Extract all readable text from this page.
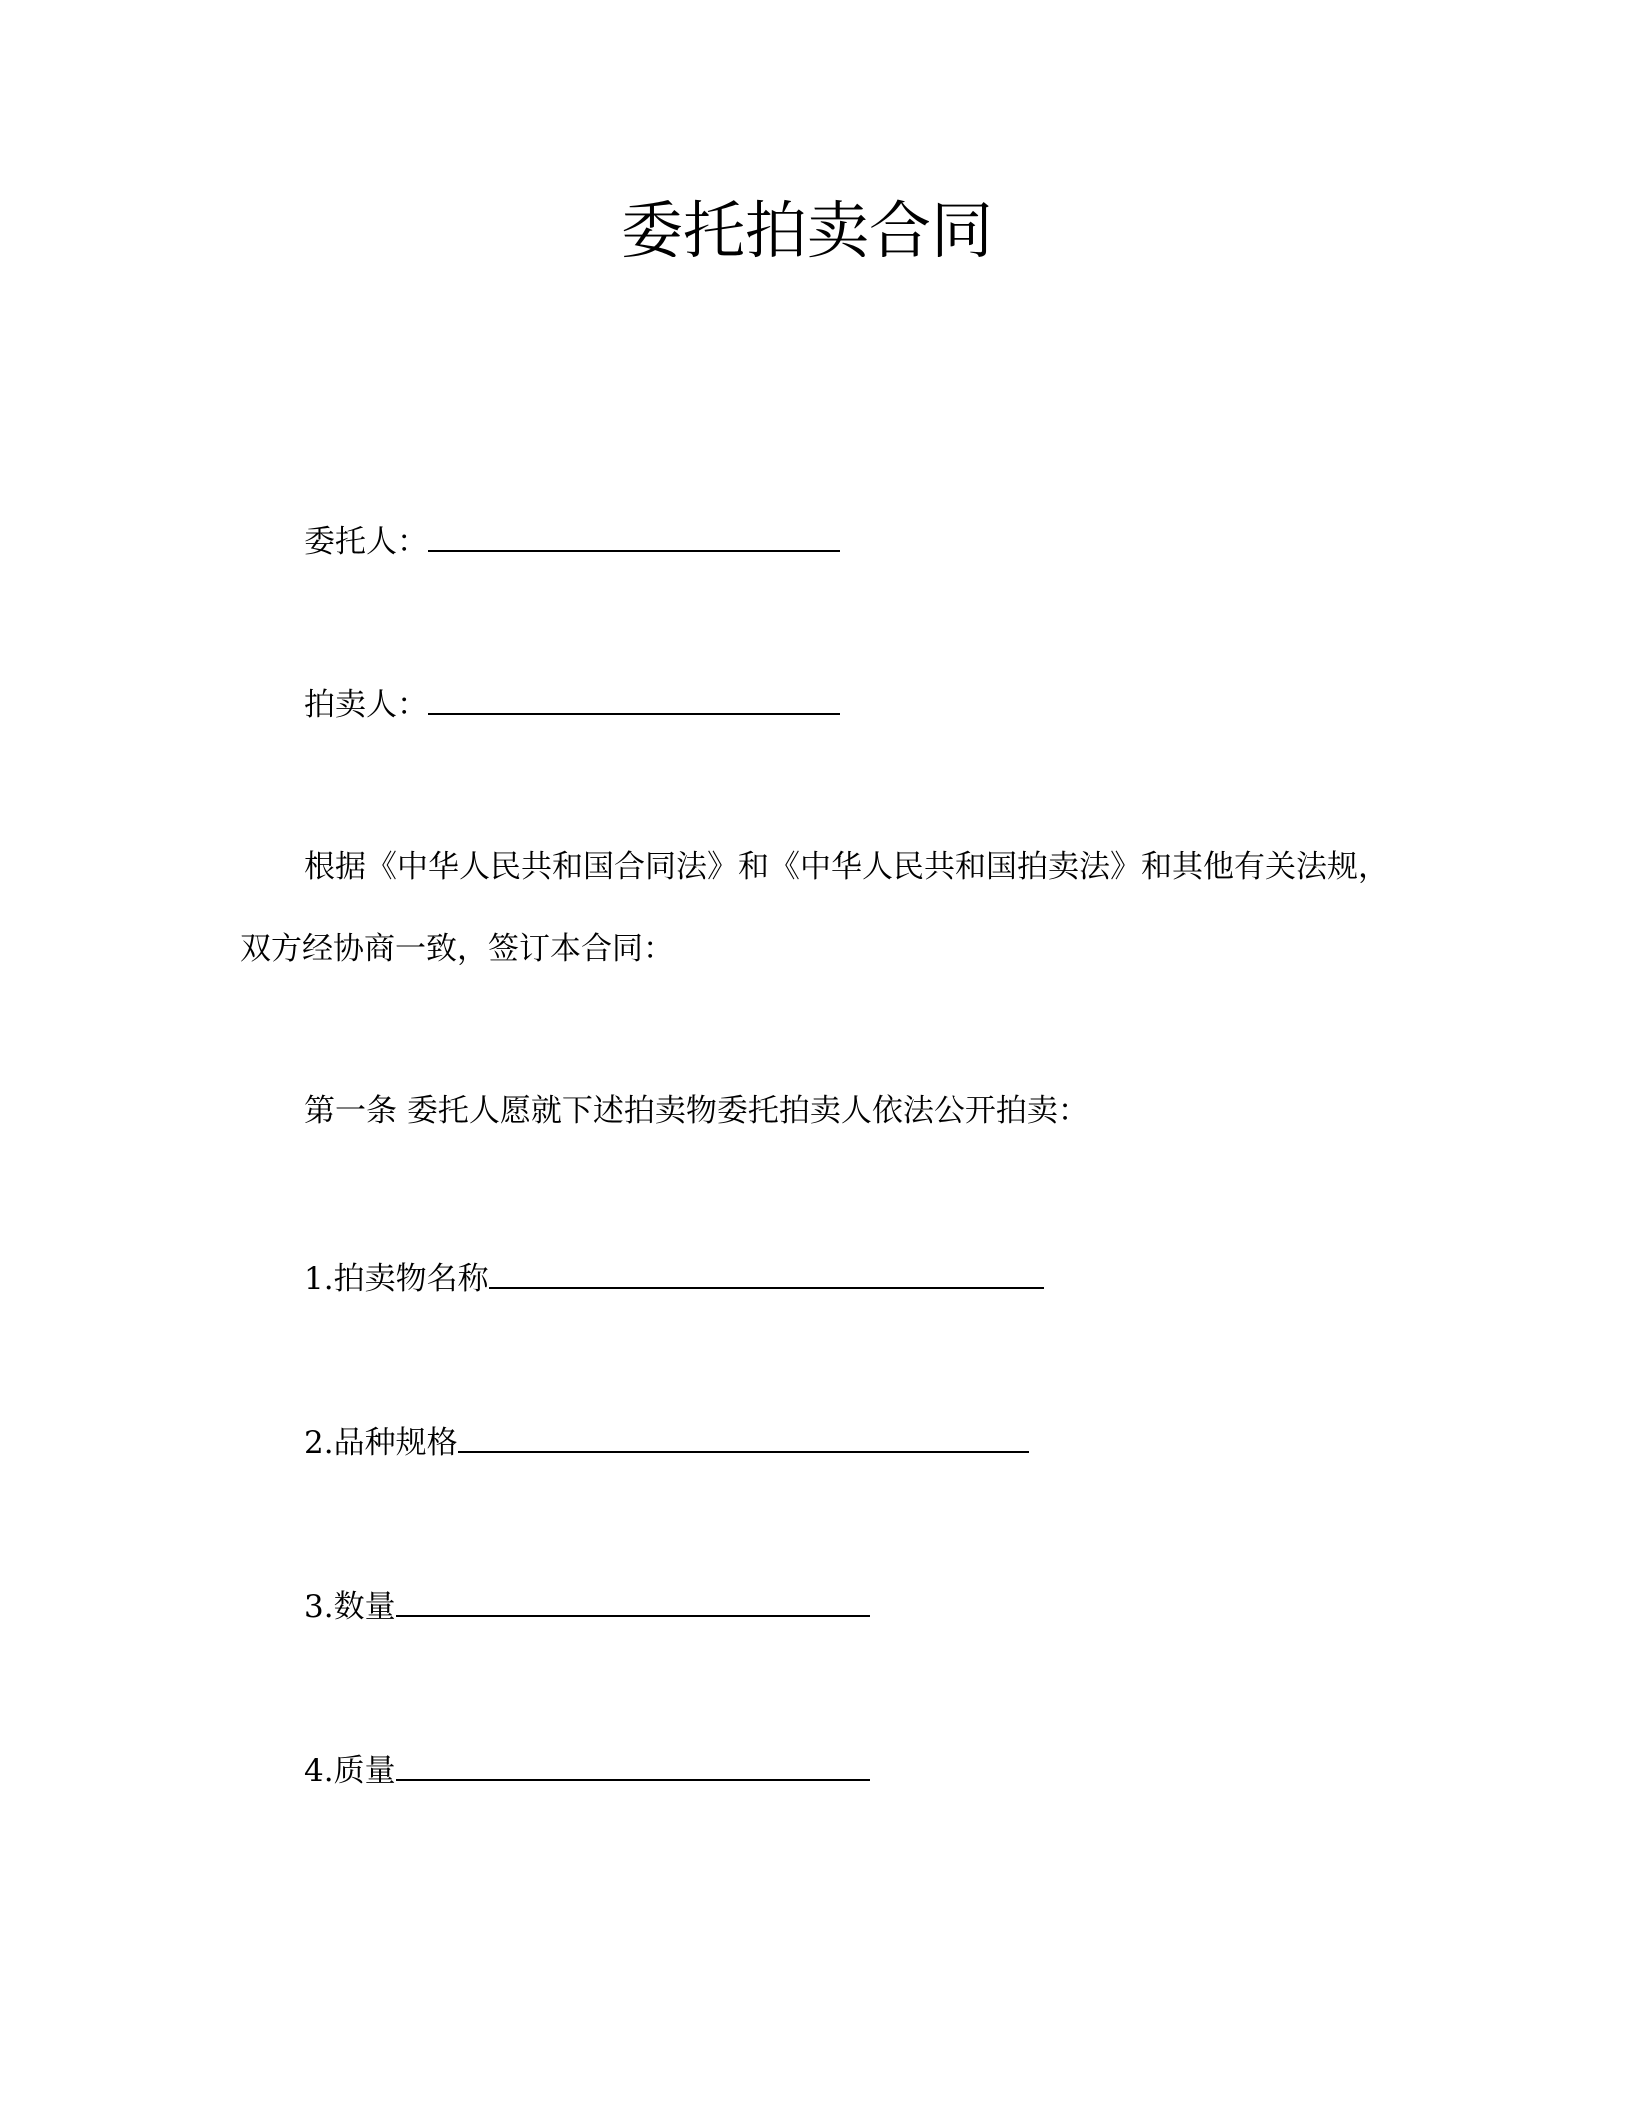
委托拍卖合同
委托人：
拍卖人：
根据《中华人民共和国合同法》和《中华人民共和国拍卖法》和其他有关法规，
双方经协商一致，签订本合同：
第一条 委托人愿就下述拍卖物委托拍卖人依法公开拍卖：
1.拍卖物名称
2.品种规格
3.数量
4.质量
